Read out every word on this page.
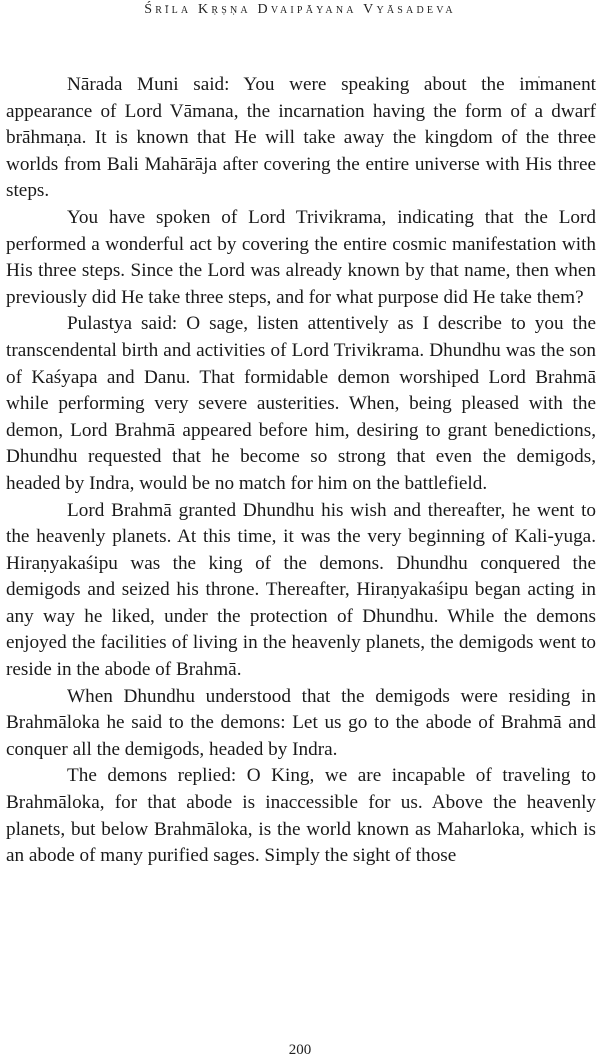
Śrīla Kṛṣṇa Dvaipāyana Vyāsadeva

Nārada Muni said: You were speaking about the immanent appearance of Lord Vāmana, the incarnation having the form of a dwarf brāhmaṇa. It is known that He will take away the kingdom of the three worlds from Bali Mahārāja after covering the entire universe with His three steps.

You have spoken of Lord Trivikrama, indicating that the Lord performed a wonderful act by covering the entire cosmic manifestation with His three steps. Since the Lord was already known by that name, then when previously did He take three steps, and for what purpose did He take them?

Pulastya said: O sage, listen attentively as I describe to you the transcendental birth and activities of Lord Trivikrama. Dhundhu was the son of Kaśyapa and Danu. That formidable demon worshiped Lord Brahmā while performing very severe austerities. When, being pleased with the demon, Lord Brahmā appeared before him, desiring to grant benedictions, Dhundhu requested that he become so strong that even the demigods, headed by Indra, would be no match for him on the battlefield.

Lord Brahmā granted Dhundhu his wish and thereafter, he went to the heavenly planets. At this time, it was the very beginning of Kali-yuga. Hiraṇyakaśipu was the king of the demons. Dhundhu conquered the demigods and seized his throne. Thereafter, Hiraṇyakaśipu began acting in any way he liked, under the protection of Dhundhu. While the demons enjoyed the facilities of living in the heavenly planets, the demigods went to reside in the abode of Brahmā.

When Dhundhu understood that the demigods were residing in Brahmāloka he said to the demons: Let us go to the abode of Brahmā and conquer all the demigods, headed by Indra.

The demons replied: O King, we are incapable of traveling to Brahmāloka, for that abode is inaccessible for us. Above the heavenly planets, but below Brahmāloka, is the world known as Maharloka, which is an abode of many purified sages. Simply the sight of those

200
